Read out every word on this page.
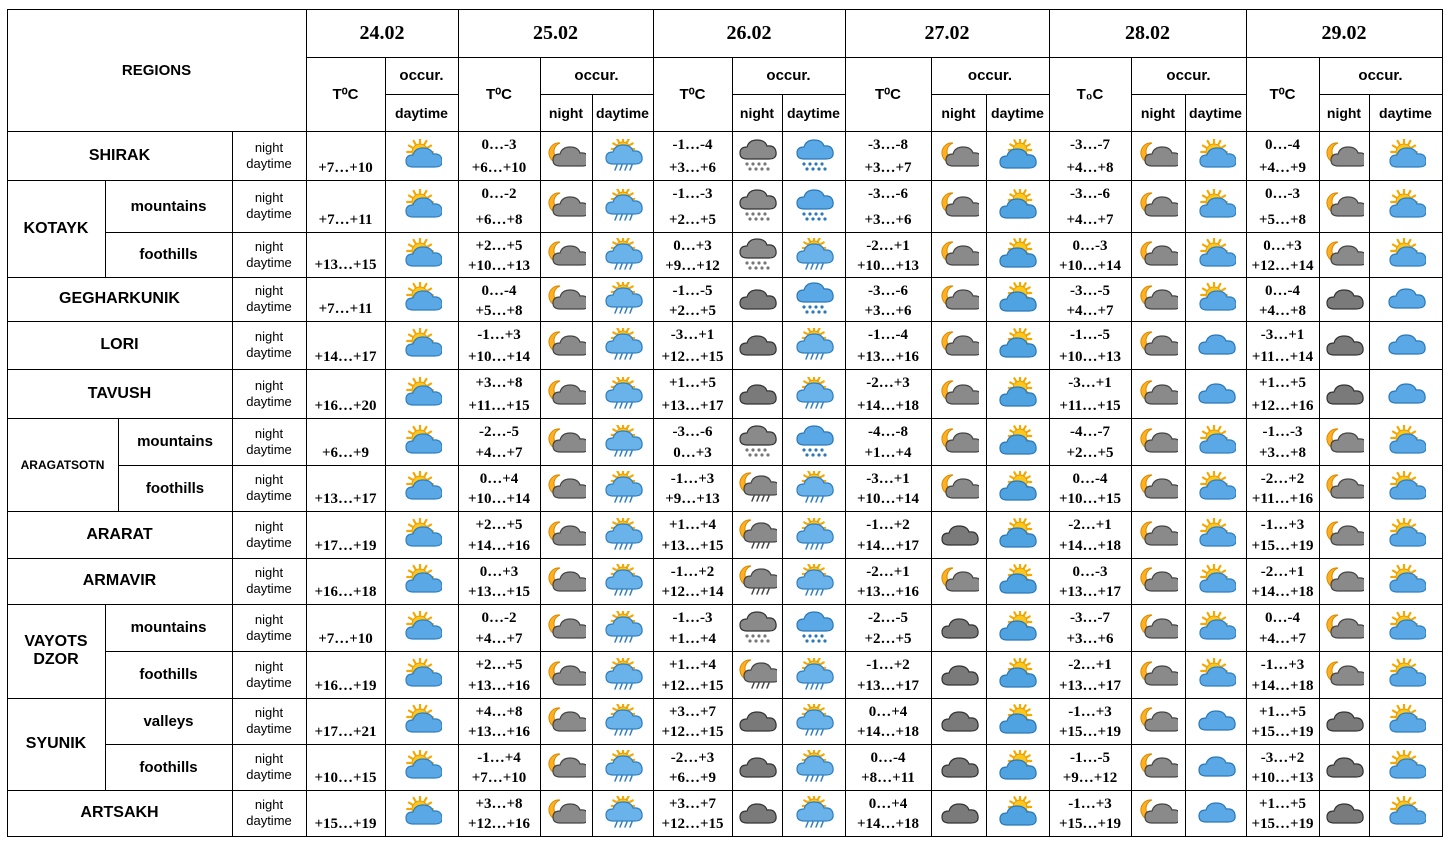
REGIONS
24.02
T⁰C
occur.
daytime
25.02
T⁰C
occur.
night daytime
26.02
T⁰C
occur.
night daytime
27.02
T⁰C
occur.
night daytime
28.02
T₀C
occur.
night daytime
29.02
T⁰C
occur.
night daytime
SHIRAK
KOTAYK
mountains
foothills
GEGHARKUNIK
LORI
TAVUSH
ARAGATSOTN
mountains
foothills
ARARAT
ARMAVIR
VAYOTS
DZOR
mountains
foothills
SYUNIK
valleys
foothills
ARTSAKH
night
daytime +7…+10
0…-3
+6…+10
-1…-4
+3…+6
-3…-8
+3…+7
-3…-7
+4…+8
0…-4
+4…+9
night
daytime +7…+11
0…-2
+6…+8
-1…-3
+2…+5
-3…-6
+3…+6
-3…-6
+4…+7
0…-3
+5…+8
night
daytime +13…+15
+2…+5
+10…+13
0…+3
+9…+12
-2…+1
+10…+13
0…-3
+10…+14
0…+3
+12…+14
night
daytime +7…+11
0…-4
+5…+8
-1…-5
+2…+5
-3…-6
+3…+6
-3…-5
+4…+7
0…-4
+4…+8
night
daytime +14…+17
-1…+3
+10…+14
-3…+1
+12…+15
-1…-4
+13…+16
-1…-5
+10…+13
-3…+1
+11…+14
night
daytime +16…+20
+3…+8
+11…+15
+1…+5
+13…+17
-2…+3
+14…+18
-3…+1
+11…+15
+1…+5
+12…+16
night
daytime +6…+9
-2…-5
+4…+7
-3…-6
0…+3
-4…-8
+1…+4
-4…-7
+2…+5
-1…-3
+3…+8
night
daytime +13…+17
0…+4
+10…+14
-1…+3
+9…+13
-3…+1
+10…+14
0…-4
+10…+15
-2…+2
+11…+16
night
daytime +17…+19
+2…+5
+14…+16
+1…+4
+13…+15
-1…+2
+14…+17
-2…+1
+14…+18
-1…+3
+15…+19
night
daytime +16…+18
0…+3
+13…+15
-1…+2
+12…+14
-2…+1
+13…+16
0…-3
+13…+17
-2…+1
+14…+18
night
daytime +7…+10
0…-2
+4…+7
-1…-3
+1…+4
-2…-5
+2…+5
-3…-7
+3…+6
0…-4
+4…+7
night
daytime +16…+19
+2…+5
+13…+16
+1…+4
+12…+15
-1…+2
+13…+17
-2…+1
+13…+17
-1…+3
+14…+18
night
daytime +17…+21
+4…+8
+13…+16
+3…+7
+12…+15
0…+4
+14…+18
-1…+3
+15…+19
+1…+5
+15…+19
night
daytime +10…+15
-1…+4
+7…+10
-2…+3
+6…+9
0…-4
+8…+11
-1…-5
+9…+12
-3…+2
+10…+13
night
daytime +15…+19
+3…+8
+12…+16
+3…+7
+12…+15
0…+4
+14…+18
-1…+3
+15…+19
+1…+5
+15…+19
